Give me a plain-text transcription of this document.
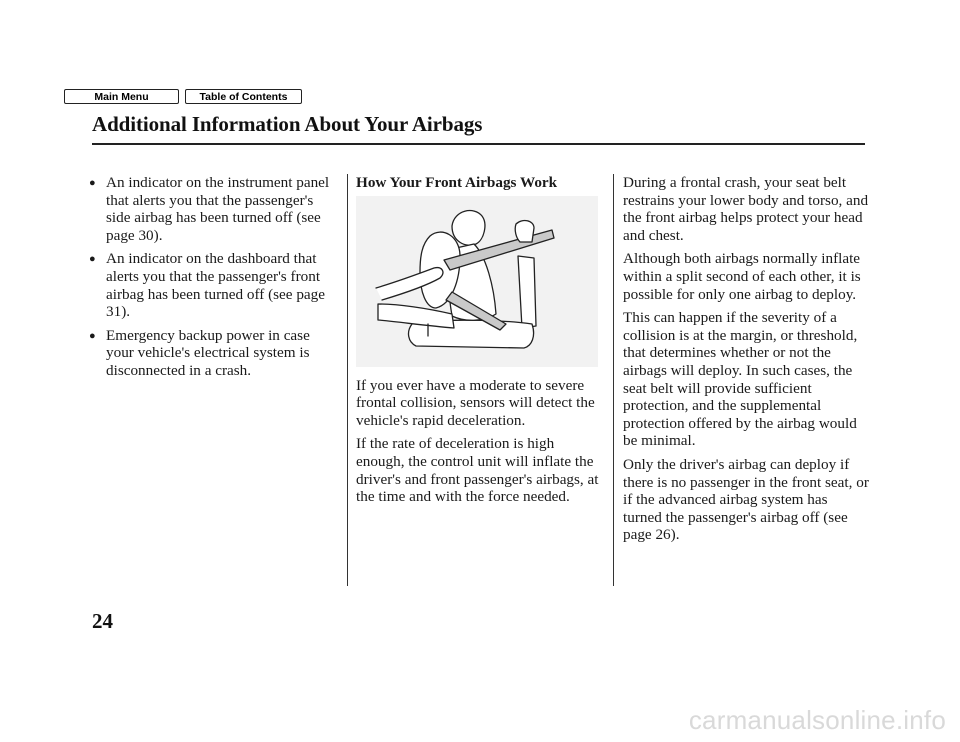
Main Menu	Table of Contents
Additional Information About Your Airbags
● An indicator on the instrument panel that alerts you that the passenger's side airbag has been turned off (see page 30).
● An indicator on the dashboard that alerts you that the passenger's front airbag has been turned off (see page 31).
● Emergency backup power in case your vehicle's electrical system is disconnected in a crash.
How Your Front Airbags Work

If you ever have a moderate to severe frontal collision, sensors will detect the vehicle's rapid deceleration.

If the rate of deceleration is high enough, the control unit will inflate the driver's and front passenger's airbags, at the time and with the force needed.

During a frontal crash, your seat belt restrains your lower body and torso, and the front airbag helps protect your head and chest.

Although both airbags normally inflate within a split second of each other, it is possible for only one airbag to deploy.

This can happen if the severity of a collision is at the margin, or threshold, that determines whether or not the airbags will deploy. In such cases, the seat belt will provide sufficient protection, and the supplemental protection offered by the airbag would be minimal.

Only the driver's airbag can deploy if there is no passenger in the front seat, or if the advanced airbag system has turned the passenger's airbag off (see page 26).

24
carmanualsonline.info
